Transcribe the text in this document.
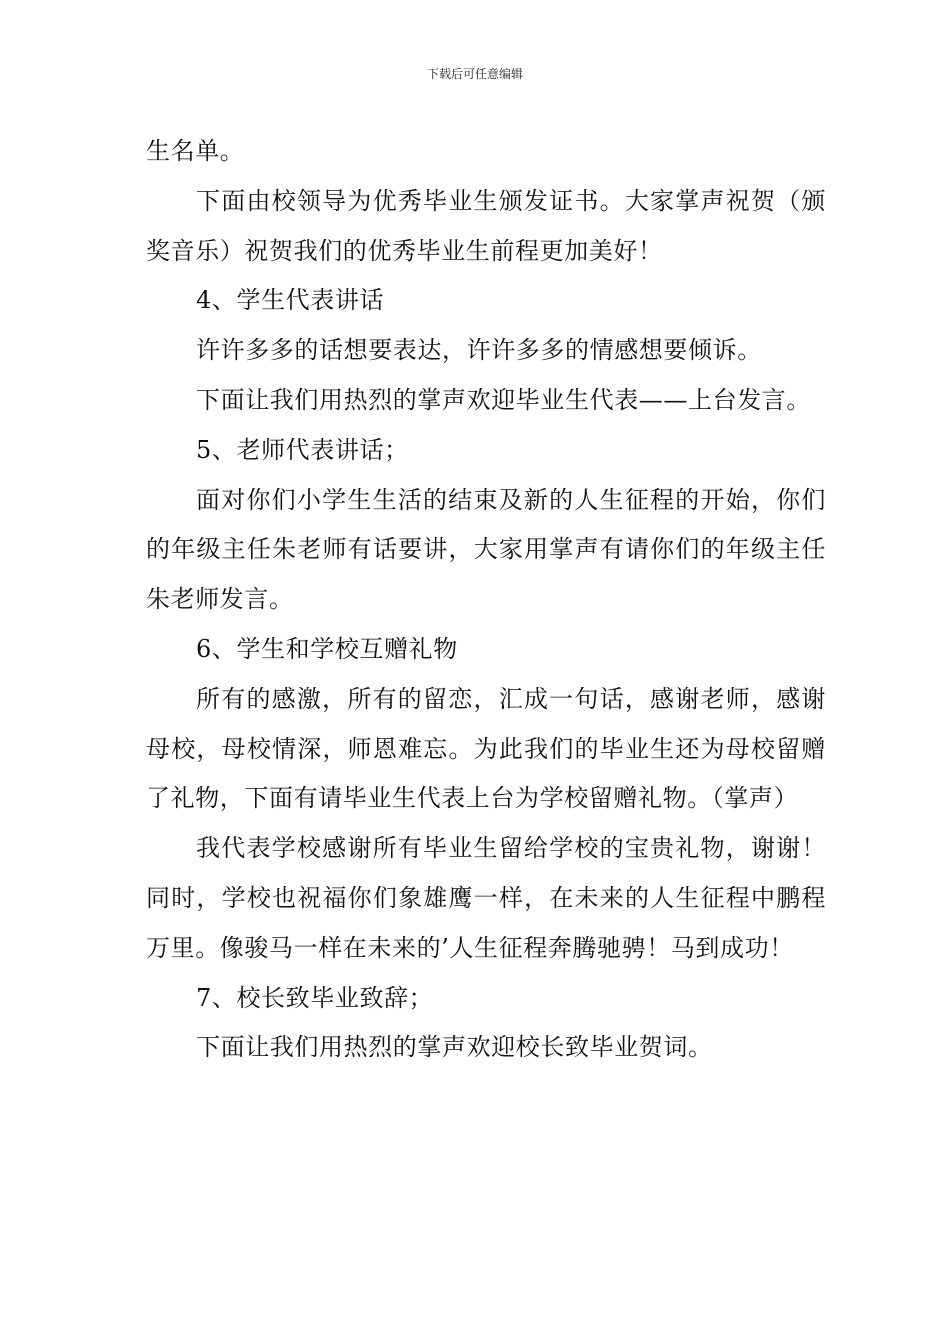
下载后可任意编辑

生名单。

下面由校领导为优秀毕业生颁发证书。大家掌声祝贺（颁奖音乐）祝贺我们的优秀毕业生前程更加美好！

4、学生代表讲话

许许多多的话想要表达，许许多多的情感想要倾诉。

下面让我们用热烈的掌声欢迎毕业生代表——上台发言。

5、老师代表讲话；

面对你们小学生生活的结束及新的人生征程的开始，你们的年级主任朱老师有话要讲，大家用掌声有请你们的年级主任朱老师发言。

6、学生和学校互赠礼物

所有的感激，所有的留恋，汇成一句话，感谢老师，感谢母校，母校情深，师恩难忘。为此我们的毕业生还为母校留赠了礼物，下面有请毕业生代表上台为学校留赠礼物。（掌声）

我代表学校感谢所有毕业生留给学校的宝贵礼物，谢谢！同时，学校也祝福你们象雄鹰一样，在未来的人生征程中鹏程万里。像骏马一样在未来的’人生征程奔腾驰骋！马到成功！

7、校长致毕业致辞；

下面让我们用热烈的掌声欢迎校长致毕业贺词。
